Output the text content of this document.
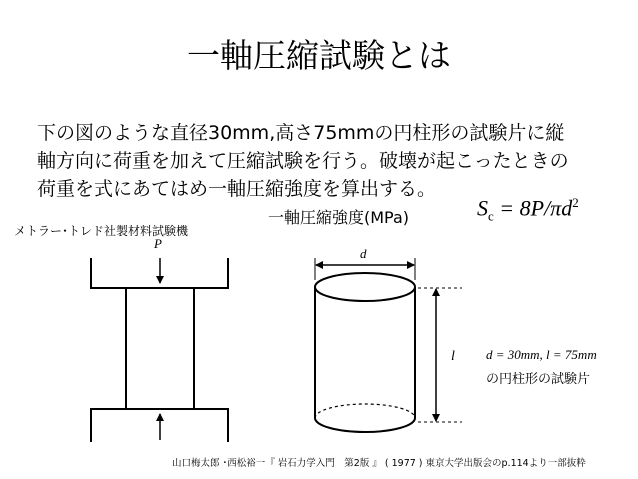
一軸圧縮試験とは
下の図のような直径30mm,高さ75mmの円柱形の試験片に縦
軸方向に荷重を加えて圧縮試験を行う。破壊が起こったときの
荷重を式にあてはめ一軸圧縮強度を算出する。
メトラー･トレド社製材料試験機
一軸圧縮強度(MPa)	$S_c = 8P/\pi d^2$
d = 30mm, l = 75mm
の円柱形の試験片
山口梅太郎 ･西松裕一『 岩石力学入門　第2版 』 ( 1977 ) 東京大学出版会のp.114より一部抜粋
P
d
l
